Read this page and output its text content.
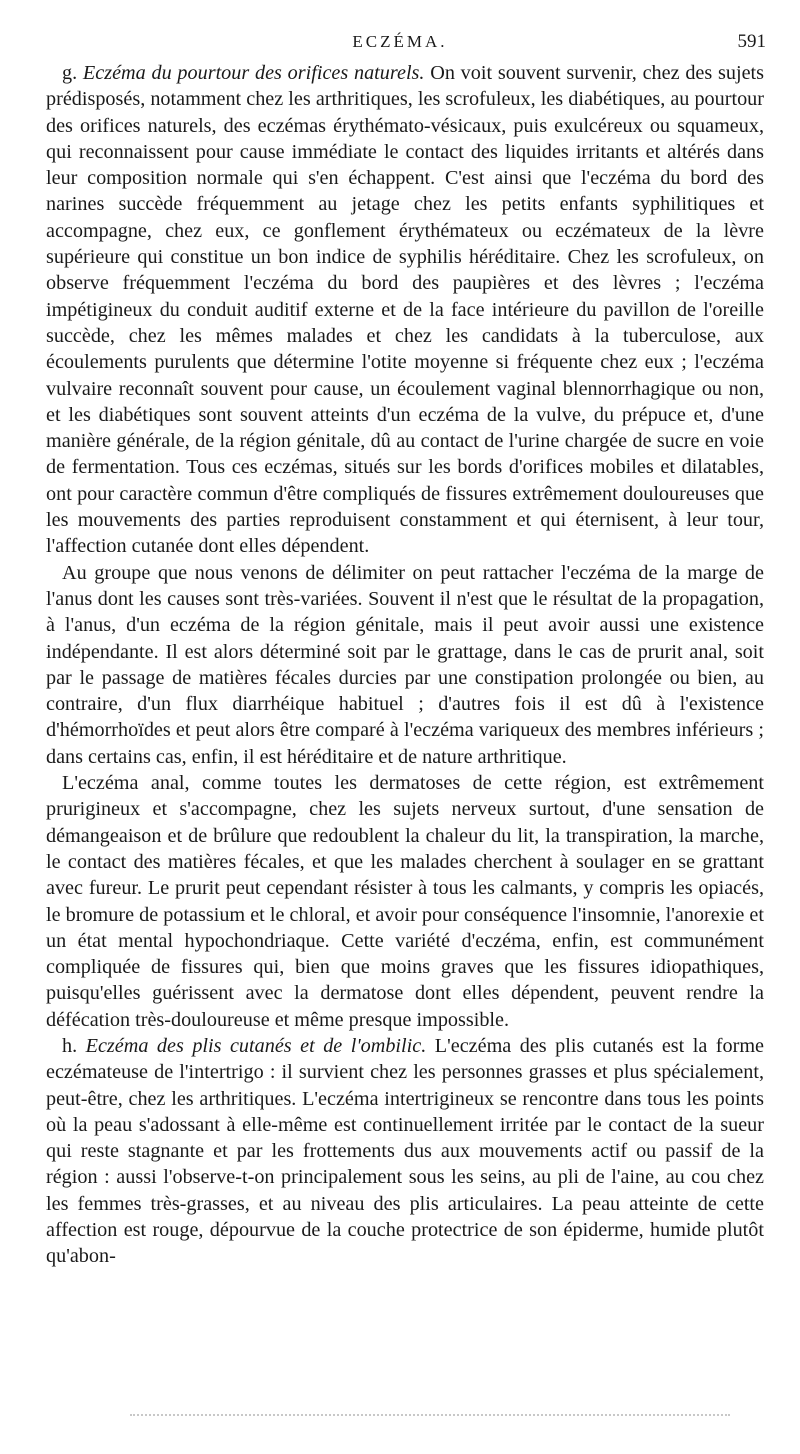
ECZÉMA.	591

g. Eczéma du pourtour des orifices naturels. On voit souvent survenir, chez des sujets prédisposés, notamment chez les arthritiques, les scrofuleux, les diabétiques, au pourtour des orifices naturels, des eczémas érythémato-vésicaux, puis exulcéreux ou squameux, qui reconnaissent pour cause immédiate le contact des liquides irritants et altérés dans leur composition normale qui s'en échappent. C'est ainsi que l'eczéma du bord des narines succède fréquemment au jetage chez les petits enfants syphilitiques et accompagne, chez eux, ce gonflement érythémateux ou eczémateux de la lèvre supérieure qui constitue un bon indice de syphilis héréditaire. Chez les scrofuleux, on observe fréquemment l'eczéma du bord des paupières et des lèvres ; l'eczéma impétigineux du conduit auditif externe et de la face intérieure du pavillon de l'oreille succède, chez les mêmes malades et chez les candidats à la tuberculose, aux écoulements purulents que détermine l'otite moyenne si fréquente chez eux ; l'eczéma vulvaire reconnaît souvent pour cause, un écoulement vaginal blennorrhagique ou non, et les diabétiques sont souvent atteints d'un eczéma de la vulve, du prépuce et, d'une manière générale, de la région génitale, dû au contact de l'urine chargée de sucre en voie de fermentation. Tous ces eczémas, situés sur les bords d'orifices mobiles et dilatables, ont pour caractère commun d'être compliqués de fissures extrêmement douloureuses que les mouvements des parties reproduisent constamment et qui éternisent, à leur tour, l'affection cutanée dont elles dépendent.

Au groupe que nous venons de délimiter on peut rattacher l'eczéma de la marge de l'anus dont les causes sont très-variées. Souvent il n'est que le résultat de la propagation, à l'anus, d'un eczéma de la région génitale, mais il peut avoir aussi une existence indépendante. Il est alors déterminé soit par le grattage, dans le cas de prurit anal, soit par le passage de matières fécales durcies par une constipation prolongée ou bien, au contraire, d'un flux diarrhéique habituel ; d'autres fois il est dû à l'existence d'hémorrhoïdes et peut alors être comparé à l'eczéma variqueux des membres inférieurs ; dans certains cas, enfin, il est héréditaire et de nature arthritique.

L'eczéma anal, comme toutes les dermatoses de cette région, est extrêmement prurigineux et s'accompagne, chez les sujets nerveux surtout, d'une sensation de démangeaison et de brûlure que redoublent la chaleur du lit, la transpiration, la marche, le contact des matières fécales, et que les malades cherchent à soulager en se grattant avec fureur. Le prurit peut cependant résister à tous les calmants, y compris les opiacés, le bromure de potassium et le chloral, et avoir pour conséquence l'insomnie, l'anorexie et un état mental hypochondriaque. Cette variété d'eczéma, enfin, est communément compliquée de fissures qui, bien que moins graves que les fissures idiopathiques, puisqu'elles guérissent avec la dermatose dont elles dépendent, peuvent rendre la défécation très-douloureuse et même presque impossible.

h. Eczéma des plis cutanés et de l'ombilic. L'eczéma des plis cutanés est la forme eczémateuse de l'intertrigo : il survient chez les personnes grasses et plus spécialement, peut-être, chez les arthritiques. L'eczéma intertrigineux se rencontre dans tous les points où la peau s'adossant à elle-même est continuellement irritée par le contact de la sueur qui reste stagnante et par les frottements dus aux mouvements actif ou passif de la région : aussi l'observe-t-on principalement sous les seins, au pli de l'aine, au cou chez les femmes très-grasses, et au niveau des plis articulaires. La peau atteinte de cette affection est rouge, dépourvue de la couche protectrice de son épiderme, humide plutôt qu'abon-
